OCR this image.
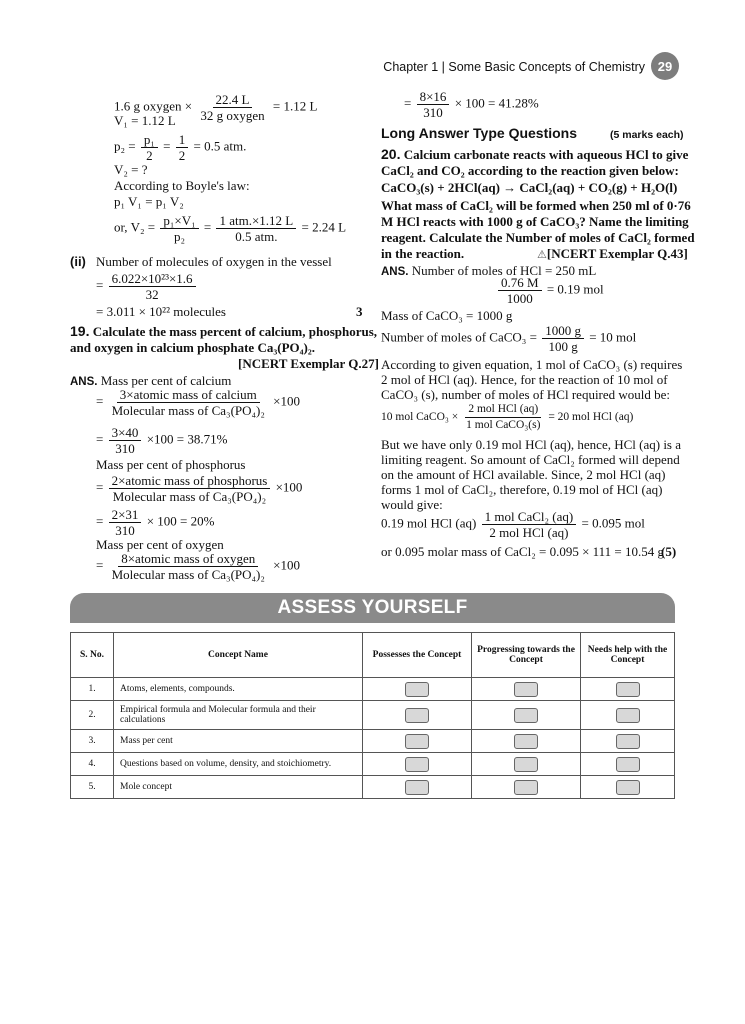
Chapter 1 | Some Basic Concepts of Chemistry 29
1.6 g oxygen × $\frac{22.4 L}{\text{32 g oxygen}} = 1.12$ L
V₁ = 1.12 L
$p_2 = \frac{\text{p₁}}{2} = \frac{1}{2} = 0.5$ atm.
V₂ = ?
According to Boyle's law:
p₁ V₁ = p₁ V₂
or, $V_2 = \frac{\text{p₁×V₁}}{\text{p₂}} = \frac{\text{1 atm.×1.12 L}}{\text{0.5 atm.}} = 2.24$ L
(ii) Number of molecules of oxygen in the vessel
= $\frac{\text{6.022×10²³×1.6}}{32}$
= 3.011 × 10²² molecules	3
19. Calculate the mass percent of calcium, phosphorus,
and oxygen in calcium phosphate Ca₃(PO₄)₂.
[NCERT Exemplar Q.27]
ANS. Mass per cent of calcium
= $\frac{\text{3×atomic mass of calcium}}{\text{Molecular mass of Ca₃(PO₄)₂}} \times 100$
= $\frac{3\times 40}{310} \times 100 = 38.71\%$
Mass per cent of phosphorus
= $\frac{\text{2×atomic mass of phosphorus}}{\text{Molecular mass of Ca₃(PO₄)₂}} \times 100$
= $\frac{2\times 31}{310} \times 100 = 20\%$
Mass per cent of oxygen
= $\frac{\text{8×atomic mass of oxygen}}{\text{Molecular mass of Ca₃(PO₄)₂}} \times 100$
= $\frac{8\times 16}{310} \times 100 = 41.28\%$
Long Answer Type Questions	(5 marks each)
20. Calcium carbonate reacts with aqueous HCl to give
CaCl₂ and CO₂ according to the reaction given below:
CaCO₃(s) + 2HCl(aq) → CaCl₂(aq) + CO₂(g) + H₂O(l)
What mass of CaCl₂ will be formed when 250 ml of 0·76
M HCl reacts with 1000 g of CaCO₃? Name the limiting
reagent. Calculate the Number of moles of CaCl₂ formed
in the reaction.	⚠[NCERT Exemplar Q.43]
ANS. Number of moles of HCl = 250 mL
$\frac{0.76 M}{1000} = 0.19$ mol
Mass of CaCO₃ = 1000 g
Number of moles of CaCO₃ = $\frac{1000 g}{100 g} = 10$ mol
According to given equation, 1 mol of CaCO₃ (s) requires
2 mol of HCl (aq). Hence, for the reaction of 10 mol of
CaCO₃ (s), number of moles of HCl required would be:
10 mol CaCO₃ × $\frac{\text{2 mol HCl (aq)}}{\text{1 mol CaCO₃(s)}} = 20$ mol HCl (aq)
But we have only 0.19 mol HCl (aq), hence, HCl (aq) is a
limiting reagent. So amount of CaCl₂ formed will depend
on the amount of HCl available. Since, 2 mol HCl (aq)
forms 1 mol of CaCl₂, therefore, 0.19 mol of HCl (aq)
would give:
0.19 mol HCl $(aq) \frac{\text{1 mol CaCl₂ (aq)}}{\text{2 mol HCl (aq)}} = 0.095$ mol
or 0.095 molar mass of CaCl₂ = 0.095 × 111 = 10.54 g
(5)
ASSESS YOURSELF
S. No.	Concept Name	Possesses the Concept	Progressing towards the Concept	Needs help with the Concept
1.	Atoms, elements, compounds.	

2.	Empirical formula and Molecular formula and their calculations	

3.	Mass per cent	

4.	Questions based on volume, density, and stoichiometry.	

5.	Mole concept	
